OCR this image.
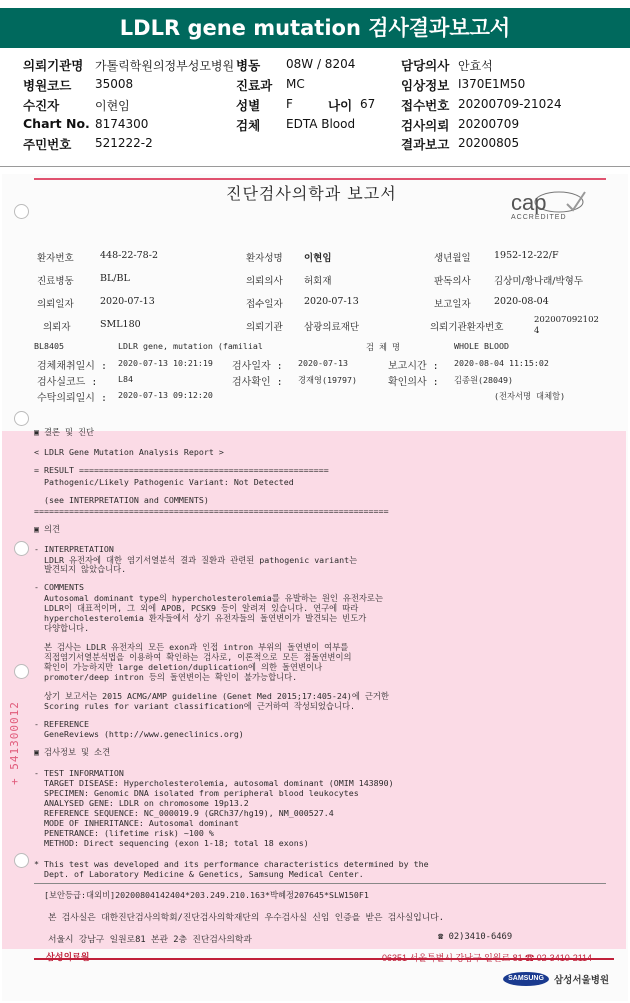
LDLR gene mutation 검사결과보고서
의뢰기관명 가톨릭학원의정부성모병원 병동 08W / 8204	담당의사 안효석
병원코드 35008	진료과 MC	임상정보 I370E1M50
수진자	이현임	성별 F	나이 67 접수번호 20200709-21024
Chart No. 8174300	검체 EDTA Blood	검사의뢰 20200709
주민번호 521222-2	결과보고 20200805
진단검사의학과 보고서	cap
ACCREDITED
환자번호	448-22-78-2	환자성명 이현임	생년월일 1952-12-22/F
진료병동	BL/BL	의뢰의사 허회재	판독의사 김상미/황나래/박형두
의뢰일자	2020-07-13	접수일자 2020-07-13	보고일자 2020-08-04
의뢰자	SML180	의뢰기관 삼광의료재단	의뢰기관환자번호
202007092102
4
BL8405	LDLR gene, mutation (familial	검 체 명	WHOLE BLOOD
검체채취일시 : 2020-07-13 10:21:19 검사일자 : 2020-07-13	보고시간 : 2020-08-04 11:15:02
검사실코드 : L84	검사확인 : 경재영(19797)	확인의사 : 김종원(28049)
수탁의뢰일시 : 2020-07-13 09:12:20	(전자서명 대체함)
▣ 결론 및 진단
< LDLR Gene Mutation Analysis Report >
= RESULT ==================================================
Pathogenic/Likely Pathogenic Variant: Not Detected
(see INTERPRETATION and COMMENTS)
=======================================================================
▣ 의견
- INTERPRETATION
LDLR 유전자에 대한 염기서열분석 결과 질환과 관련된 pathogenic variant는
발견되지 않았습니다.
- COMMENTS
Autosomal dominant type의 hypercholesterolemia를 유발하는 원인 유전자로는
LDLR이 대표적이며, 그 외에 APOB, PCSK9 등이 알려져 있습니다. 연구에 따라
hypercholesterolemia 환자들에서 상기 유전자들의 돌연변이가 발견되는 빈도가
다양합니다.
본 검사는 LDLR 유전자의 모든 exon과 인접 intron 부위의 돌연변이 여부를
직접염기서열분석법을 이용하여 확인하는 검사로, 이론적으로 모든 점돌연변이의
확인이 가능하지만 large deletion/duplication에 의한 돌연변이나
promoter/deep intron 등의 돌연변이는 확인이 불가능합니다.
상기 보고서는 2015 ACMG/AMP guideline (Genet Med 2015;17:405-24)에 근거한
Scoring rules for variant classification에 근거하여 작성되었습니다.
- REFERENCE
GeneReviews (http://www.geneclinics.org)
▣ 검사정보 및 소견
- TEST INFORMATION
TARGET DISEASE: Hypercholesterolemia, autosomal dominant (OMIM 143890)
SPECIMEN: Genomic DNA isolated from peripheral blood leukocytes
ANALYSED GENE: LDLR on chromosome 19p13.2
REFERENCE SEQUENCE: NC_000019.9 (GRCh37/hg19), NM_000527.4
MODE OF INHERITANCE: Autosomal dominant
PENETRANCE: (lifetime risk) ~100 %
METHOD: Direct sequencing (exon 1-18; total 18 exons)
* This test was developed and its performance characteristics determined by the
Dept. of Laboratory Medicine & Genetics, Samsung Medical Center.
[보안등급:대외비]20200804142404*203.249.210.163*박혜정207645*SLW150F1
본 검사실은 대한진단검사의학회/진단검사의학재단의 우수검사실 신임 인증을 받은 검사실입니다.
서울시 강남구 일원로81 본관 2층 진단검사의학과	☎ 02)3410-6469
+ 541300012
삼성의료원	06351 서울특별시 강남구 일원로 81 ☎ 02-3410-2114
SAMSUNG	삼성서울병원
